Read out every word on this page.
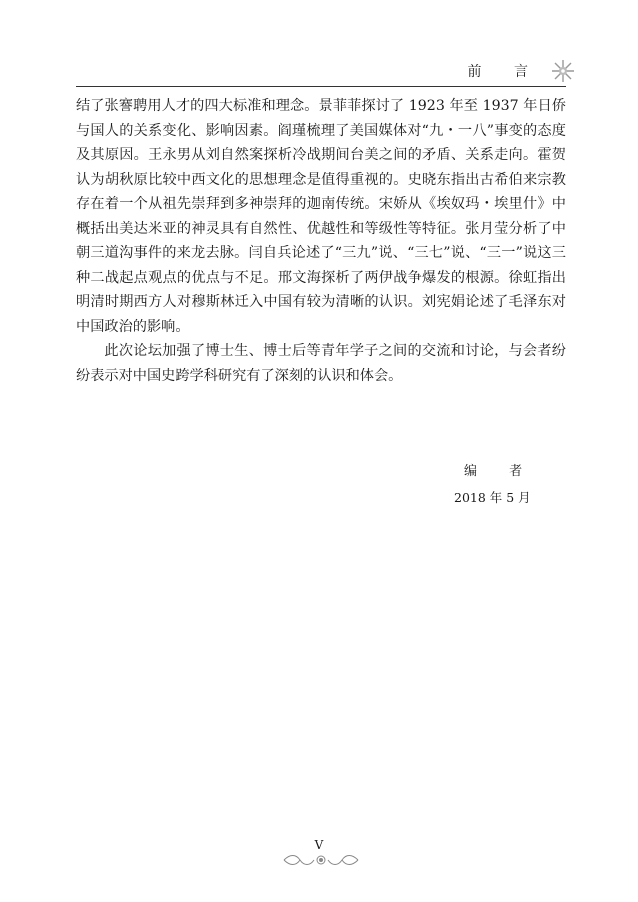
前 言

结了张謇聘用人才的四大标准和理念。景菲菲探讨了 1923 年至 1937 年日侨与国人的关系变化、影响因素。阎瑾梳理了美国媒体对“九・一八”事变的态度及其原因。王永男从刘自然案探析冷战期间台美之间的矛盾、关系走向。霍贺认为胡秋原比较中西文化的思想理念是值得重视的。史晓东指出古希伯来宗教存在着一个从祖先崇拜到多神崇拜的迦南传统。宋娇从《埃奴玛・埃里什》中概括出美达米亚的神灵具有自然性、优越性和等级性等特征。张月莹分析了中朝三道沟事件的来龙去脉。闫自兵论述了“三九”说、“三七”说、“三一”说这三种二战起点观点的优点与不足。邢文海探析了两伊战争爆发的根源。徐虹指出明清时期西方人对穆斯林迁入中国有较为清晰的认识。刘宪娟论述了毛泽东对中国政治的影响。

此次论坛加强了博士生、博士后等青年学子之间的交流和讨论，与会者纷纷表示对中国史跨学科研究有了深刻的认识和体会。

编 者
2018 年 5 月
V
